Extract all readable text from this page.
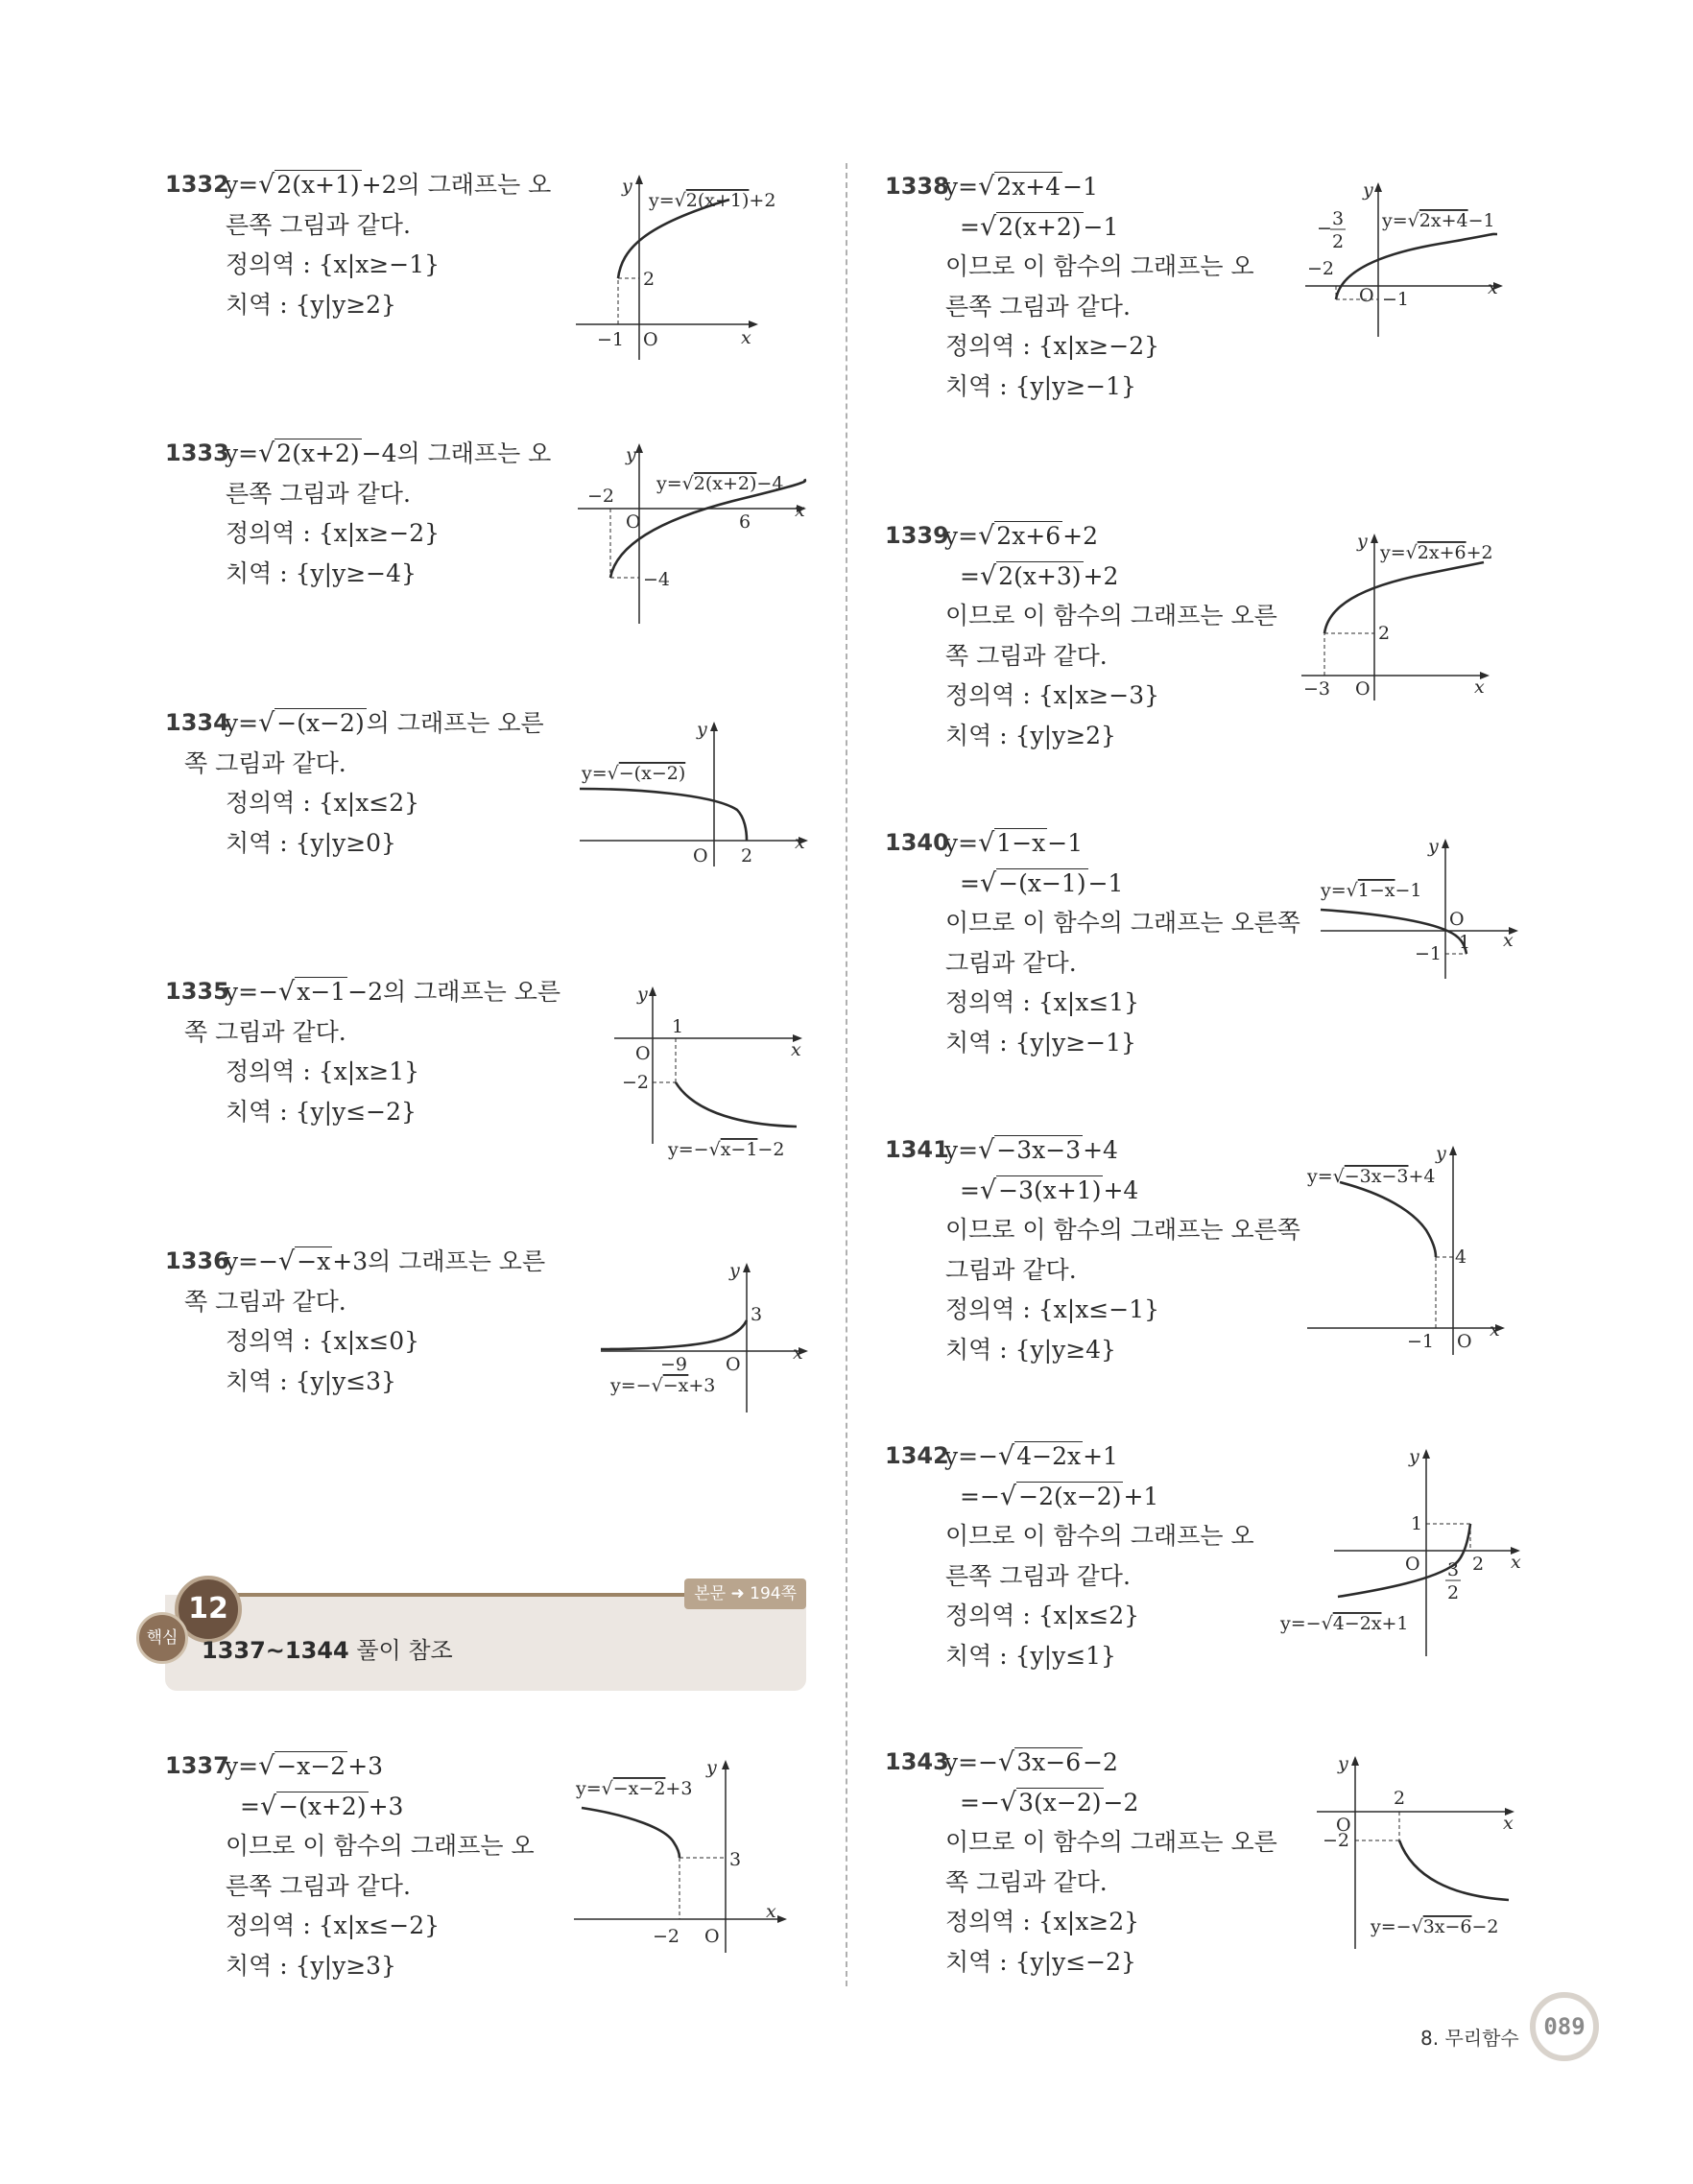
1332
y=√2(x+1)+2의 그래프는 오
른쪽 그림과 같다.
정의역 : {x|x≥−1}
치역 : {y|y≥2}
y
x
O
−1
2
y=√2(x+1)+2
1333
y=√2(x+2)−4의 그래프는 오
른쪽 그림과 같다.
정의역 : {x|x≥−2}
치역 : {y|y≥−4}
y
x
O
−2
6
−4
y=√2(x+2)−4
1334
y=√−(x−2)의 그래프는 오른
쪽 그림과 같다.
정의역 : {x|x≤2}
치역 : {y|y≥0}
y
x
O 2
y=√−(x−2)
1335
y=−√x−1−2의 그래프는 오른
쪽 그림과 같다.
정의역 : {x|x≥1}
치역 : {y|y≤−2}
y
x
O
1
−2
y=−√x−1−2
1336
y=−√−x+3의 그래프는 오른
쪽 그림과 같다.
정의역 : {x|x≤0}
치역 : {y|y≤3}
y
x
O
−9
3
y=−√−x+3
12
핵심
본문 ➜ 194쪽
1337~1344 풀이 참조
1337
y=√−x−2+3
=√−(x+2)+3
이므로 이 함수의 그래프는 오
른쪽 그림과 같다.
정의역 : {x|x≤−2}
치역 : {y|y≥3}
y
x
O
−2
3
y=√−x−2+3
1338
y=√2x+4−1
=√2(x+2)−1
이므로 이 함수의 그래프는 오
른쪽 그림과 같다.
정의역 : {x|x≥−2}
치역 : {y|y≥−1}
y
x
O
−2
−1
− 3
2
y=√2x+4−1
1339
y=√2x+6+2
=√2(x+3)+2
이므로 이 함수의 그래프는 오른
쪽 그림과 같다.
정의역 : {x|x≥−3}
치역 : {y|y≥2}
y
x
O
−3
2
y=√2x+6+2
1340
y=√1−x−1
=√−(x−1)−1
이므로 이 함수의 그래프는 오른쪽
그림과 같다.
정의역 : {x|x≤1}
치역 : {y|y≥−1}
y
x
O
1
−1
y=√1−x−1
1341
y=√−3x−3+4
=√−3(x+1)+4
이므로 이 함수의 그래프는 오른쪽
그림과 같다.
정의역 : {x|x≤−1}
치역 : {y|y≥4}
y
x
O
−1
4
y=√−3x−3+4
1342
y=−√4−2x+1
=−√−2(x−2)+1
이므로 이 함수의 그래프는 오
른쪽 그림과 같다.
정의역 : {x|x≤2}
치역 : {y|y≤1}
y
x
O	2
1
3
2
y=−√4−2x+1
1343
y=−√3x−6−2
=−√3(x−2)−2
이므로 이 함수의 그래프는 오른
쪽 그림과 같다.
정의역 : {x|x≥2}
치역 : {y|y≤−2}
y
x
O
2
−2
y=−√3x−6−2
8. 무리함수	089
